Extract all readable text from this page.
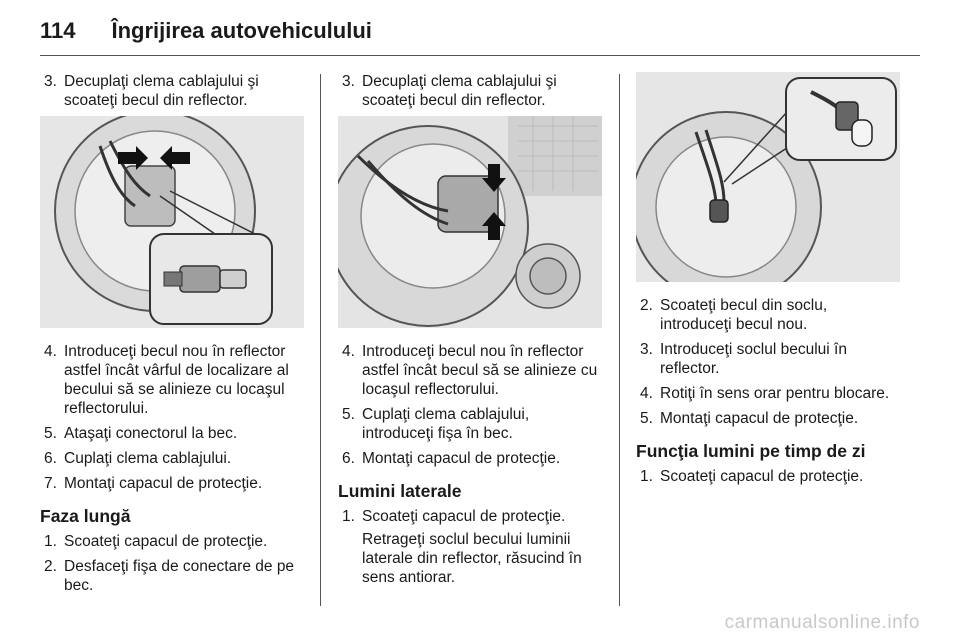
114 Îngrijirea autovehiculului
3. Decuplaţi clema cablajului şi scoateţi becul din reflector.
4. Introduceţi becul nou în reflector astfel încât vârful de localizare al becului să se alinieze cu locaşul reflectorului.
5. Ataşaţi conectorul la bec.
6. Cuplaţi clema cablajului.
7. Montaţi capacul de protecţie.
Faza lungă
1. Scoateţi capacul de protecţie.
2. Desfaceţi fişa de conectare de pe bec.
3. Decuplaţi clema cablajului şi scoateţi becul din reflector.
4. Introduceţi becul nou în reflector astfel încât becul să se alinieze cu locaşul reflectorului.
5. Cuplaţi clema cablajului, introduceţi fişa în bec.
6. Montaţi capacul de protecţie.
Lumini laterale
1. Scoateţi capacul de protecţie.
Retrageţi soclul becului luminii laterale din reflector, răsucind în sens antiorar.
2. Scoateţi becul din soclu, introduceţi becul nou.
3. Introduceţi soclul becului în reflector.
4. Rotiţi în sens orar pentru blocare.
5. Montaţi capacul de protecţie.
Funcţia lumini pe timp de zi
1. Scoateţi capacul de protecţie.
carmanualsonline.info
